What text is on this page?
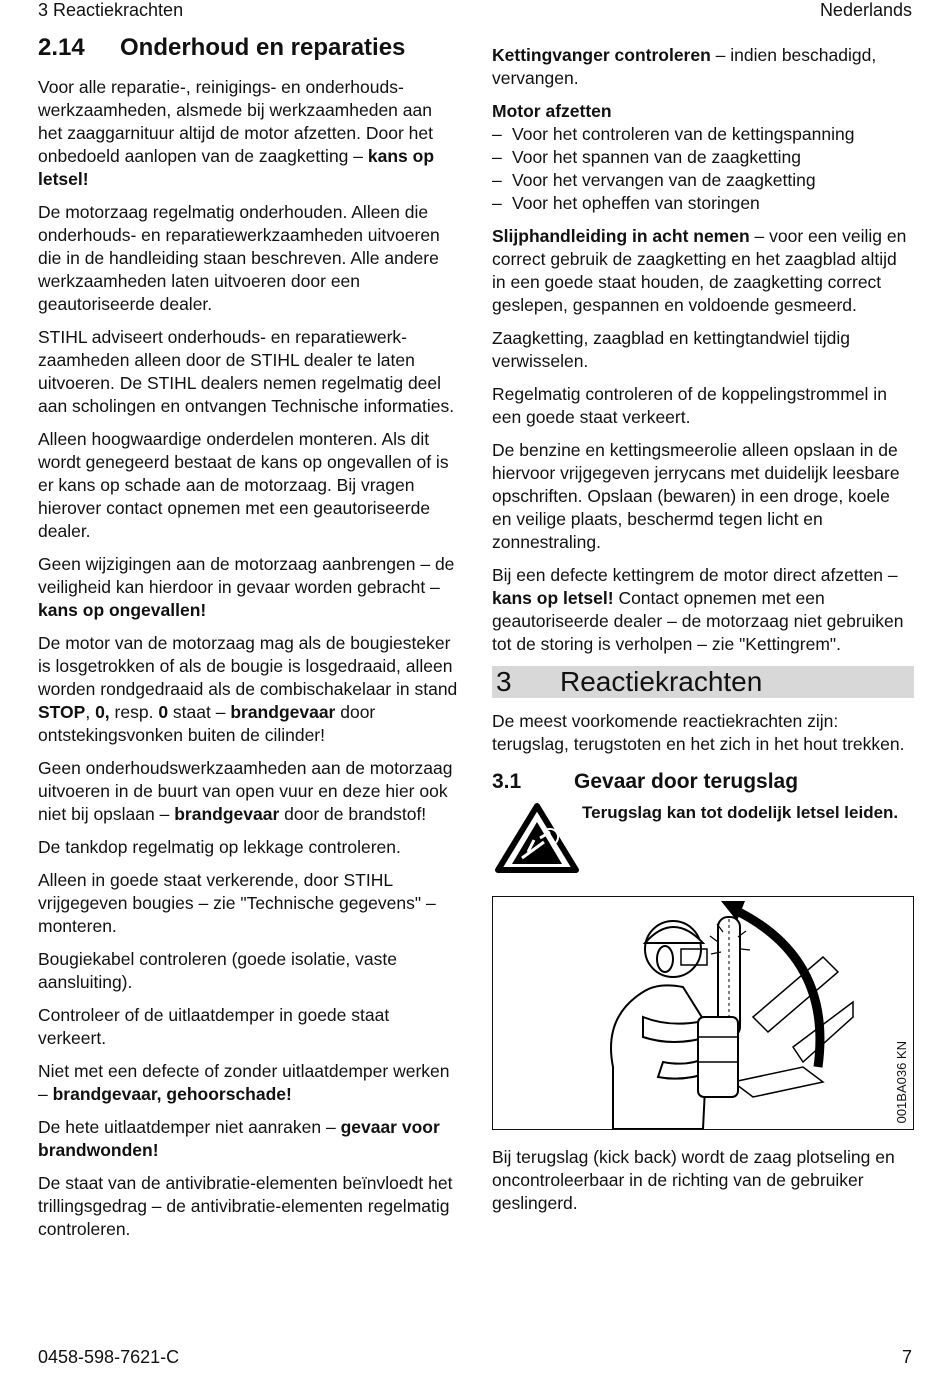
3 Reactiekrachten	Nederlands
2.14	Onderhoud en reparaties

Voor alle reparatie-, reinigings- en onderhoudswerkzaamheden, alsmede bij werkzaamheden aan het zaaggarnituur altijd de motor afzetten. Door het onbedoeld aanlopen van de zaagketting – kans op letsel!

De motorzaag regelmatig onderhouden. Alleen die onderhouds- en reparatiewerkzaamheden uitvoeren die in de handleiding staan beschreven. Alle andere werkzaamheden laten uitvoeren door een geautoriseerde dealer.

STIHL adviseert onderhouds- en reparatiewerkzaamheden alleen door de STIHL dealer te laten uitvoeren. De STIHL dealers nemen regelmatig deel aan scholingen en ontvangen Technische informaties.

Alleen hoogwaardige onderdelen monteren. Als dit wordt genegeerd bestaat de kans op ongevallen of is er kans op schade aan de motorzaag. Bij vragen hierover contact opnemen met een geautoriseerde dealer.

Geen wijzigingen aan de motorzaag aanbrengen – de veiligheid kan hierdoor in gevaar worden gebracht – kans op ongevallen!

De motor van de motorzaag mag als de bougiesteker is losgetrokken of als de bougie is losgedraaid, alleen worden rondgedraaid als de combischakelaar in stand STOP, 0, resp. 0 staat – brandgevaar door ontstekingsvonken buiten de cilinder!

Geen onderhoudswerkzaamheden aan de motorzaag uitvoeren in de buurt van open vuur en deze hier ook niet bij opslaan – brandgevaar door de brandstof!

De tankdop regelmatig op lekkage controleren.

Alleen in goede staat verkerende, door STIHL vrijgegeven bougies – zie "Technische gegevens" – monteren.

Bougiekabel controleren (goede isolatie, vaste aansluiting).

Controleer of de uitlaatdemper in goede staat verkeert.

Niet met een defecte of zonder uitlaatdemper werken – brandgevaar, gehoorschade!

De hete uitlaatdemper niet aanraken – gevaar voor brandwonden!

De staat van de antivibratie-elementen beïnvloedt het trillingsgedrag – de antivibratie-elementen regelmatig controleren.

Kettingvanger controleren – indien beschadigd, vervangen.

Motor afzetten

– Voor het controleren van de kettingspanning
– Voor het spannen van de zaagketting
– Voor het vervangen van de zaagketting
– Voor het opheffen van storingen

Slijphandleiding in acht nemen – voor een veilig en correct gebruik de zaagketting en het zaagblad altijd in een goede staat houden, de zaagketting correct geslepen, gespannen en voldoende gesmeerd.

Zaagketting, zaagblad en kettingtandwiel tijdig verwisselen.

Regelmatig controleren of de koppelingstrommel in een goede staat verkeert.

De benzine en kettingsmeerolie alleen opslaan in de hiervoor vrijgegeven jerrycans met duidelijk leesbare opschriften. Opslaan (bewaren) in een droge, koele en veilige plaats, beschermd tegen licht en zonnestraling.

Bij een defecte kettingrem de motor direct afzetten – kans op letsel! Contact opnemen met een geautoriseerde dealer – de motorzaag niet gebruiken tot de storing is verholpen – zie "Kettingrem".

3	Reactiekrachten

De meest voorkomende reactiekrachten zijn: terugslag, terugstoten en het zich in het hout trekken.

3.1	Gevaar door terugslag
Terugslag kan tot dodelijk letsel leiden.
001BA036 KN

Bij terugslag (kick back) wordt de zaag plotseling en oncontroleerbaar in de richting van de gebruiker geslingerd.

0458-598-7621-C	7
